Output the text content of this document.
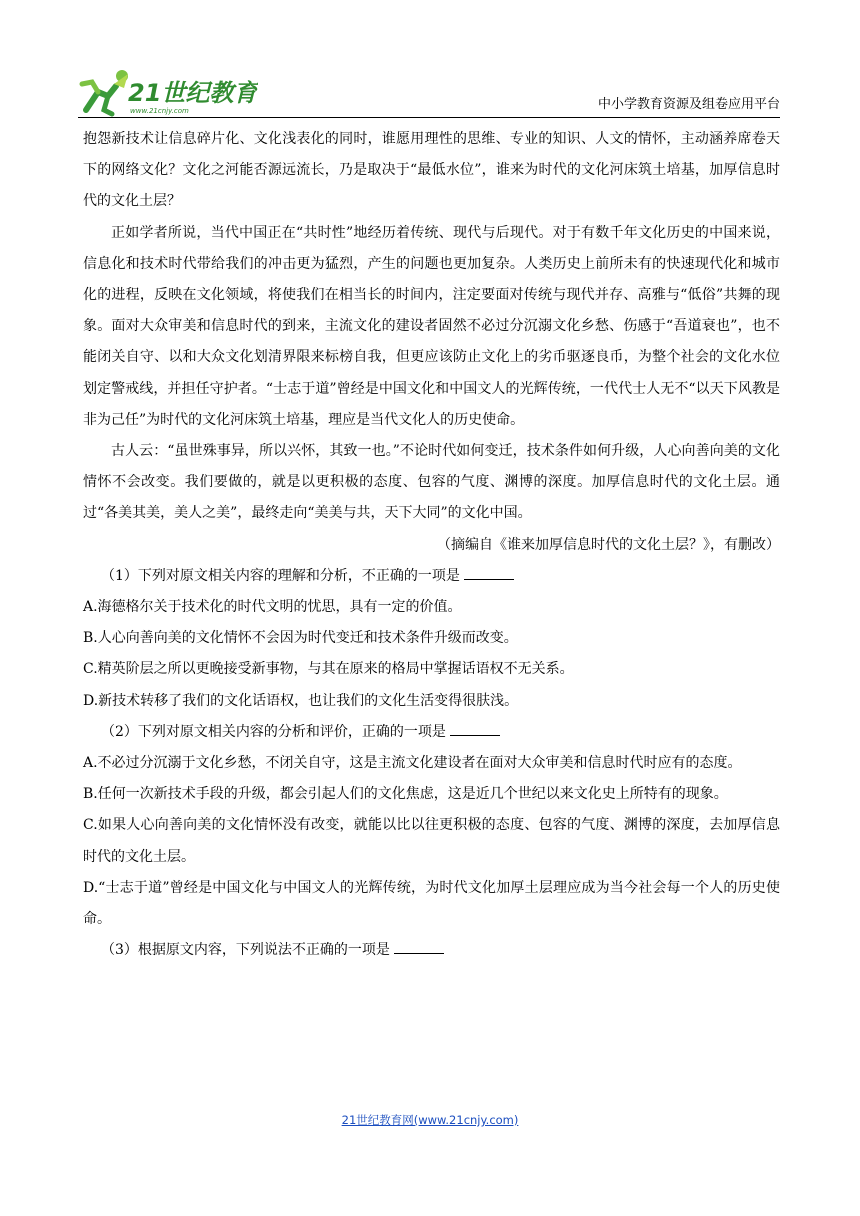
21世纪教育
www.21cnjy.com	中小学教育资源及组卷应用平台

抱怨新技术让信息碎片化、文化浅表化的同时，谁愿用理性的思维、专业的知识、人文的情怀，主动涵养席卷天下的网络文化？文化之河能否源远流长，乃是取决于“最低水位”，谁来为时代的文化河床筑土培基，加厚信息时代的文化土层？

正如学者所说，当代中国正在“共时性”地经历着传统、现代与后现代。对于有数千年文化历史的中国来说，信息化和技术时代带给我们的冲击更为猛烈，产生的问题也更加复杂。人类历史上前所未有的快速现代化和城市化的进程，反映在文化领域，将使我们在相当长的时间内，注定要面对传统与现代并存、高雅与“低俗”共舞的现象。面对大众审美和信息时代的到来，主流文化的建设者固然不必过分沉溺文化乡愁、伤感于“吾道衰也”，也不能闭关自守、以和大众文化划清界限来标榜自我，但更应该防止文化上的劣币驱逐良币，为整个社会的文化水位划定警戒线，并担任守护者。“士志于道”曾经是中国文化和中国文人的光辉传统，一代代士人无不“以天下风教是非为己任”为时代的文化河床筑土培基，理应是当代文化人的历史使命。

古人云：“虽世殊事异，所以兴怀，其致一也。”不论时代如何变迁，技术条件如何升级，人心向善向美的文化情怀不会改变。我们要做的，就是以更积极的态度、包容的气度、渊博的深度。加厚信息时代的文化土层。通过“各美其美，美人之美”，最终走向“美美与共，天下大同”的文化中国。

（摘编自《谁来加厚信息时代的文化土层？》，有删改）

（1）下列对原文相关内容的理解和分析，不正确的一项是

A.海德格尔关于技术化的时代文明的忧思，具有一定的价值。

B.人心向善向美的文化情怀不会因为时代变迁和技术条件升级而改变。

C.精英阶层之所以更晚接受新事物，与其在原来的格局中掌握话语权不无关系。

D.新技术转移了我们的文化话语权，也让我们的文化生活变得很肤浅。

（2）下列对原文相关内容的分析和评价，正确的一项是

A.不必过分沉溺于文化乡愁，不闭关自守，这是主流文化建设者在面对大众审美和信息时代时应有的态度。

B.任何一次新技术手段的升级，都会引起人们的文化焦虑，这是近几个世纪以来文化史上所特有的现象。

C.如果人心向善向美的文化情怀没有改变，就能以比以往更积极的态度、包容的气度、渊博的深度，去加厚信息时代的文化土层。

D.“士志于道”曾经是中国文化与中国文人的光辉传统，为时代文化加厚土层理应成为当今社会每一个人的历史使命。

（3）根据原文内容，下列说法不正确的一项是

21世纪教育网(www.21cnjy.com)
